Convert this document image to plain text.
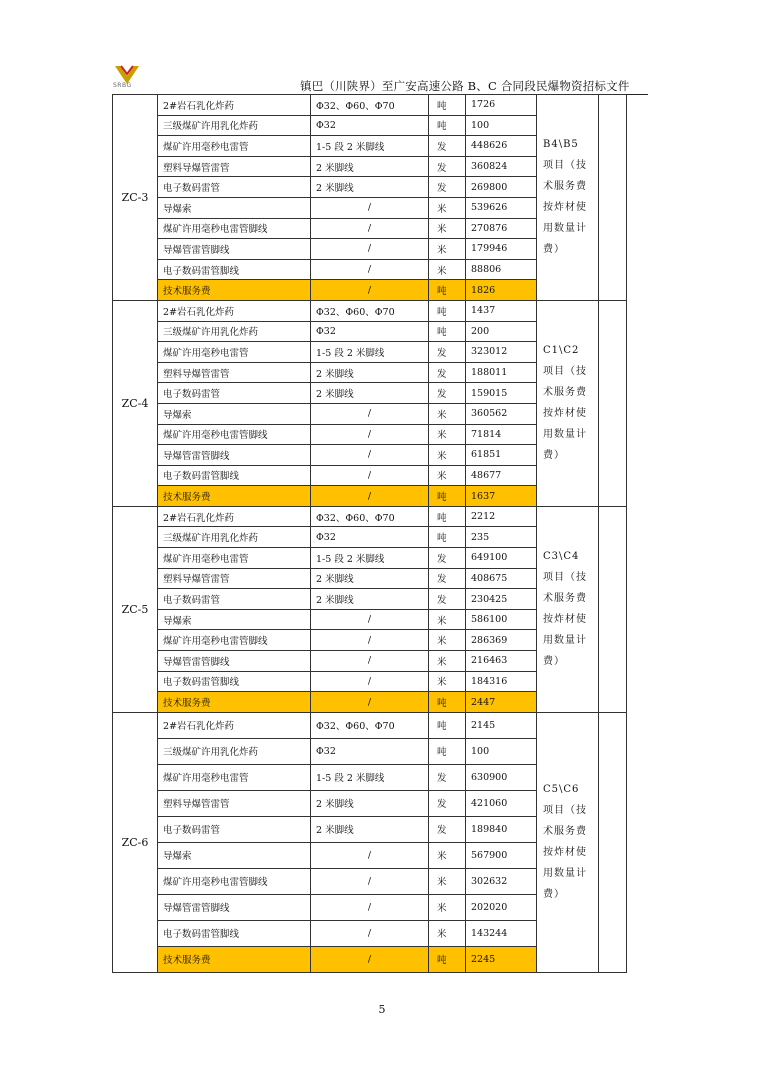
SRBG	镇巴（川陕界）至广安高速公路 B、C 合同段民爆物资招标文件
ZC-3	2#岩石乳化炸药	Φ32、Φ60、Φ70	吨	1726	B4\B5 项目（技术服务费按炸材使用数量计费）	
	三级煤矿许用乳化炸药	Φ32	吨	100		
	煤矿许用毫秒电雷管	1-5 段 2 米脚线	发	448626		
	塑料导爆管雷管	2 米脚线	发	360824		
	电子数码雷管	2 米脚线	发	269800		
	导爆索	/	米	539626		
	煤矿许用毫秒电雷管脚线	/	米	270876		
	导爆管雷管脚线	/	米	179946		
	电子数码雷管脚线	/	米	88806		
	技术服务费	/	吨	1826		
ZC-4	2#岩石乳化炸药	Φ32、Φ60、Φ70	吨	1437	C1\C2 项目（技术服务费按炸材使用数量计费）	
	三级煤矿许用乳化炸药	Φ32	吨	200		
	煤矿许用毫秒电雷管	1-5 段 2 米脚线	发	323012		
	塑料导爆管雷管	2 米脚线	发	188011		
	电子数码雷管	2 米脚线	发	159015		
	导爆索	/	米	360562		
	煤矿许用毫秒电雷管脚线	/	米	71814		
	导爆管雷管脚线	/	米	61851		
	电子数码雷管脚线	/	米	48677		
	技术服务费	/	吨	1637		
ZC-5	2#岩石乳化炸药	Φ32、Φ60、Φ70	吨	2212	C3\C4 项目（技术服务费按炸材使用数量计费）	
	三级煤矿许用乳化炸药	Φ32	吨	235		
	煤矿许用毫秒电雷管	1-5 段 2 米脚线	发	649100		
	塑料导爆管雷管	2 米脚线	发	408675		
	电子数码雷管	2 米脚线	发	230425		
	导爆索	/	米	586100		
	煤矿许用毫秒电雷管脚线	/	米	286369		
	导爆管雷管脚线	/	米	216463		
	电子数码雷管脚线	/	米	184316		
	技术服务费	/	吨	2447		
ZC-6	2#岩石乳化炸药	Φ32、Φ60、Φ70	吨	2145	C5\C6 项目（技术服务费按炸材使用数量计费）	
	三级煤矿许用乳化炸药	Φ32	吨	100		
	煤矿许用毫秒电雷管	1-5 段 2 米脚线	发	630900		
	塑料导爆管雷管	2 米脚线	发	421060		
	电子数码雷管	2 米脚线	发	189840		
	导爆索	/	米	567900		
	煤矿许用毫秒电雷管脚线	/	米	302632		
	导爆管雷管脚线	/	米	202020		
	电子数码雷管脚线	/	米	143244		
	技术服务费	/	吨	2245		
5
